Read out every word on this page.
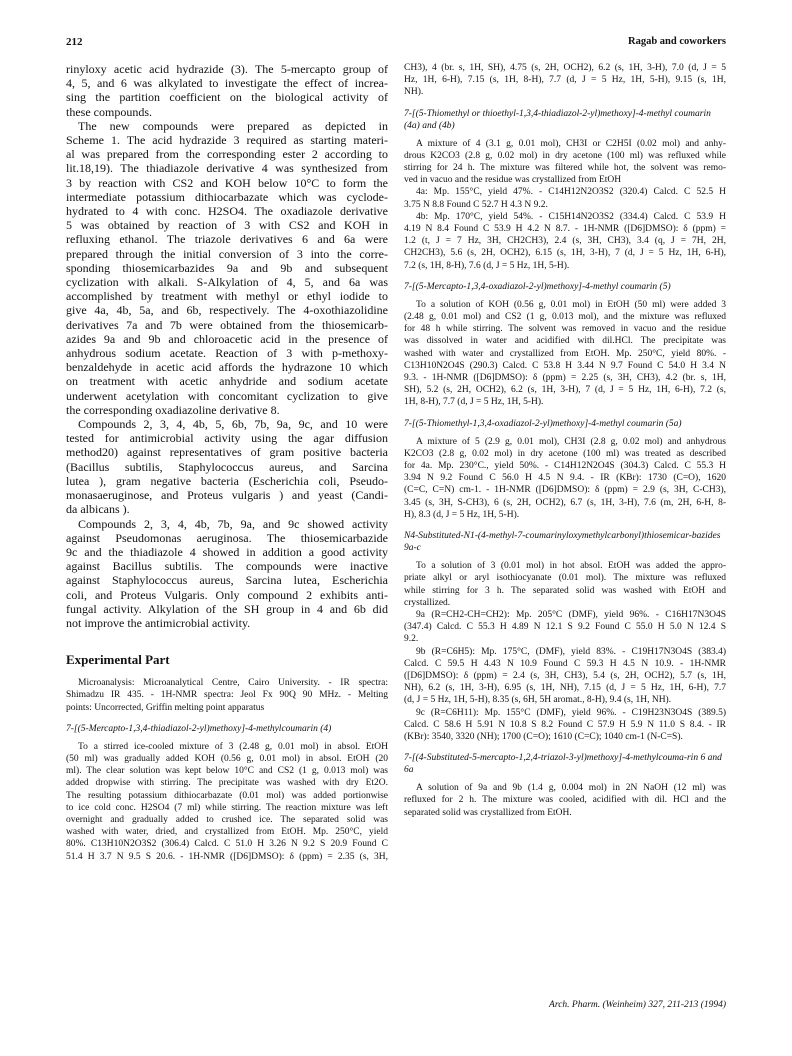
212	Ragab and coworkers
rinyloxy acetic acid hydrazide (3). The 5-mercapto group of
4, 5, and 6 was alkylated to investigate the effect of increa-
sing the partition coefficient on the biological activity of
these compounds.
The new compounds were prepared as depicted in
Scheme 1. The acid hydrazide 3 required as starting materi-
al was prepared from the corresponding ester 2 according to
lit.18,19). The thiadiazole derivative 4 was synthesized from
3 by reaction with CS2 and KOH below 10°C to form the
intermediate potassium dithiocarbazate which was cyclode-
hydrated to 4 with conc. H2SO4. The oxadiazole derivative
5 was obtained by reaction of 3 with CS2 and KOH in
refluxing ethanol. The triazole derivatives 6 and 6a were
prepared through the initial conversion of 3 into the corre-
sponding thiosemicarbazides 9a and 9b and subsequent
cyclization with alkali. S-Alkylation of 4, 5, and 6a was
accomplished by treatment with methyl or ethyl iodide to
give 4a, 4b, 5a, and 6b, respectively. The 4-oxothiazolidine
derivatives 7a and 7b were obtained from the thiosemicarb-
azides 9a and 9b and chloroacetic acid in the presence of
anhydrous sodium acetate. Reaction of 3 with p-methoxy-
benzaldehyde in acetic acid affords the hydrazone 10 which
on treatment with acetic anhydride and sodium acetate
underwent acetylation with concomitant cyclization to give
the corresponding oxadiazoline derivative 8.
Compounds 2, 3, 4, 4b, 5, 6b, 7b, 9a, 9c, and 10 were
tested for antimicrobial activity using the agar diffusion
method20) against representatives of gram positive bacteria
(Bacillus subtilis, Staphylococcus aureus, and Sarcina
lutea ), gram negative bacteria (Escherichia coli, Pseudo-
monasaeruginose, and Proteus vulgaris ) and yeast (Candi-
da albicans ).
Compounds 2, 3, 4, 4b, 7b, 9a, and 9c showed activity
against Pseudomonas aeruginosa. The thiosemicarbazide
9c and the thiadiazole 4 showed in addition a good activity
against Bacillus subtilis. The compounds were inactive
against Staphylococcus aureus, Sarcina lutea, Escherichia
coli, and Proteus Vulgaris. Only compound 2 exhibits anti-
fungal activity. Alkylation of the SH group in 4 and 6b did
not improve the antimicrobial activity.
Experimental Part
Microanalysis: Microanalytical Centre, Cairo University. - IR spectra:
Shimadzu IR 435. - 1H-NMR spectra: Jeol Fx 90Q 90 MHz. - Melting
points: Uncorrected, Griffin melting point apparatus
7-[(5-Mercapto-1,3,4-thiadiazol-2-yl)methoxy]-4-methylcoumarin (4)
To a stirred ice-cooled mixture of 3 (2.48 g, 0.01 mol) in absol. EtOH
(50 ml) was gradually added KOH (0.56 g, 0.01 mol) in absol. EtOH (20
ml). The clear solution was kept below 10°C and CS2 (1 g, 0.013 mol) was
added dropwise with stirring. The precipitate was washed with dry Et2O.
The resulting potassium dithiocarbazate (0.01 mol) was added portionwise
to ice cold conc. H2SO4 (7 ml) while stirring. The reaction mixture was left
overnight and gradually added to crushed ice. The separated solid was
washed with water, dried, and crystallized from EtOH. Mp. 250°C, yield
80%. C13H10N2O3S2 (306.4) Calcd. C 51.0 H 3.26 N 9.2 S 20.9 Found C
51.4 H 3.7 N 9.5 S 20.6. - 1H-NMR ([D6]DMSO): δ (ppm) = 2.35 (s, 3H,
CH3), 4 (br. s, 1H, SH), 4.75 (s, 2H, OCH2), 6.2 (s, 1H, 3-H), 7.0 (d, J = 5
Hz, 1H, 6-H), 7.15 (s, 1H, 8-H), 7.7 (d, J = 5 Hz, 1H, 5-H), 9.15 (s, 1H,
NH).
7-[(5-Thiomethyl or thioethyl-1,3,4-thiadiazol-2-yl)methoxy]-4-methyl coumarin (4a) and (4b)
A mixture of 4 (3.1 g, 0.01 mol), CH3I or C2H5I (0.02 mol) and anhy-
drous K2CO3 (2.8 g, 0.02 mol) in dry acetone (100 ml) was refluxed while
stirring for 24 h. The mixture was filtered while hot, the solvent was remo-
ved in vacuo and the residue was crystallized from EtOH
4a: Mp. 155°C, yield 47%. - C14H12N2O3S2 (320.4) Calcd. C 52.5 H
3.75 N 8.8 Found C 52.7 H 4.3 N 9.2.
4b: Mp. 170°C, yield 54%. - C15H14N2O3S2 (334.4) Calcd. C 53.9 H
4.19 N 8.4 Found C 53.9 H 4.2 N 8.7. - 1H-NMR ([D6]DMSO): δ (ppm) =
1.2 (t, J = 7 Hz, 3H, CH2CH3), 2.4 (s, 3H, CH3), 3.4 (q, J = 7H, 2H,
CH2CH3), 5.6 (s, 2H, OCH2), 6.15 (s, 1H, 3-H), 7 (d, J = 5 Hz, 1H, 6-H),
7.2 (s, 1H, 8-H), 7.6 (d, J = 5 Hz, 1H, 5-H).
7-[(5-Mercapto-1,3,4-oxadiazol-2-yl)methoxy]-4-methyl coumarin (5)
To a solution of KOH (0.56 g, 0.01 mol) in EtOH (50 ml) were added 3
(2.48 g, 0.01 mol) and CS2 (1 g, 0.013 mol), and the mixture was refluxed
for 48 h while stirring. The solvent was removed in vacuo and the residue
was dissolved in water and acidified with dil.HCl. The precipitate was
washed with water and crystallized from EtOH. Mp. 250°C, yield 80%. -
C13H10N2O4S (290.3) Calcd. C 53.8 H 3.44 N 9.7 Found C 54.0 H 3.4 N
9.3. - 1H-NMR ([D6]DMSO): δ (ppm) = 2.25 (s, 3H, CH3), 4.2 (br. s, 1H,
SH), 5.2 (s, 2H, OCH2), 6.2 (s, 1H, 3-H), 7 (d, J = 5 Hz, 1H, 6-H), 7.2 (s,
1H, 8-H), 7.7 (d, J = 5 Hz, 1H, 5-H).
7-[(5-Thiomethyl-1,3,4-oxadiazol-2-yl)methoxy]-4-methyl coumarin (5a)
A mixture of 5 (2.9 g, 0.01 mol), CH3I (2.8 g, 0.02 mol) and anhydrous
K2CO3 (2.8 g, 0.02 mol) in dry acetone (100 ml) was treated as described
for 4a. Mp. 230°C., yield 50%. - C14H12N2O4S (304.3) Calcd. C 55.3 H
3.94 N 9.2 Found C 56.0 H 4.5 N 9.4. - IR (KBr): 1730 (C=O), 1620
(C=C, C=N) cm-1. - 1H-NMR ([D6]DMSO): δ (ppm) = 2.9 (s, 3H, C-CH3),
3.45 (s, 3H, S-CH3), 6 (s, 2H, OCH2), 6.7 (s, 1H, 3-H), 7.6 (m, 2H, 6-H, 8-
H), 8.3 (d, J = 5 Hz, 1H, 5-H).
N4-Substituted-N1-(4-methyl-7-coumarinyloxymethylcarbonyl)thiosemicar-bazides 9a-c
To a solution of 3 (0.01 mol) in hot absol. EtOH was added the appro-
priate alkyl or aryl isothiocyanate (0.01 mol). The mixture was refluxed
while stirring for 3 h. The separated solid was washed with EtOH and
crystallized.
9a (R=CH2-CH=CH2): Mp. 205°C (DMF), yield 96%. - C16H17N3O4S
(347.4) Calcd. C 55.3 H 4.89 N 12.1 S 9.2 Found C 55.0 H 5.0 N 12.4 S
9.2.
9b (R=C6H5): Mp. 175°C, (DMF), yield 83%. - C19H17N3O4S (383.4)
Calcd. C 59.5 H 4.43 N 10.9 Found C 59.3 H 4.5 N 10.9. - 1H-NMR
([D6]DMSO): δ (ppm) = 2.4 (s, 3H, CH3), 5.4 (s, 2H, OCH2), 5.7 (s, 1H,
NH), 6.2 (s, 1H, 3-H), 6.95 (s, 1H, NH), 7.15 (d, J = 5 Hz, 1H, 6-H), 7.7
(d, J = 5 Hz, 1H, 5-H), 8.35 (s, 6H, 5H aromat., 8-H), 9.4 (s, 1H, NH).
9c (R=C6H11): Mp. 155°C (DMF), yield 96%. - C19H23N3O4S (389.5)
Calcd. C 58.6 H 5.91 N 10.8 S 8.2 Found C 57.9 H 5.9 N 11.0 S 8.4. - IR
(KBr): 3540, 3320 (NH); 1700 (C=O); 1610 (C=C); 1040 cm-1 (N-C=S).
7-[(4-Substituted-5-mercapto-1,2,4-triazol-3-yl)methoxy]-4-methylcouma-rin 6 and 6a
A solution of 9a and 9b (1.4 g, 0.004 mol) in 2N NaOH (12 ml) was
refluxed for 2 h. The mixture was cooled, acidified with dil. HCl and the
separated solid was crystallized from EtOH.
Arch. Pharm. (Weinheim) 327, 211-213 (1994)
